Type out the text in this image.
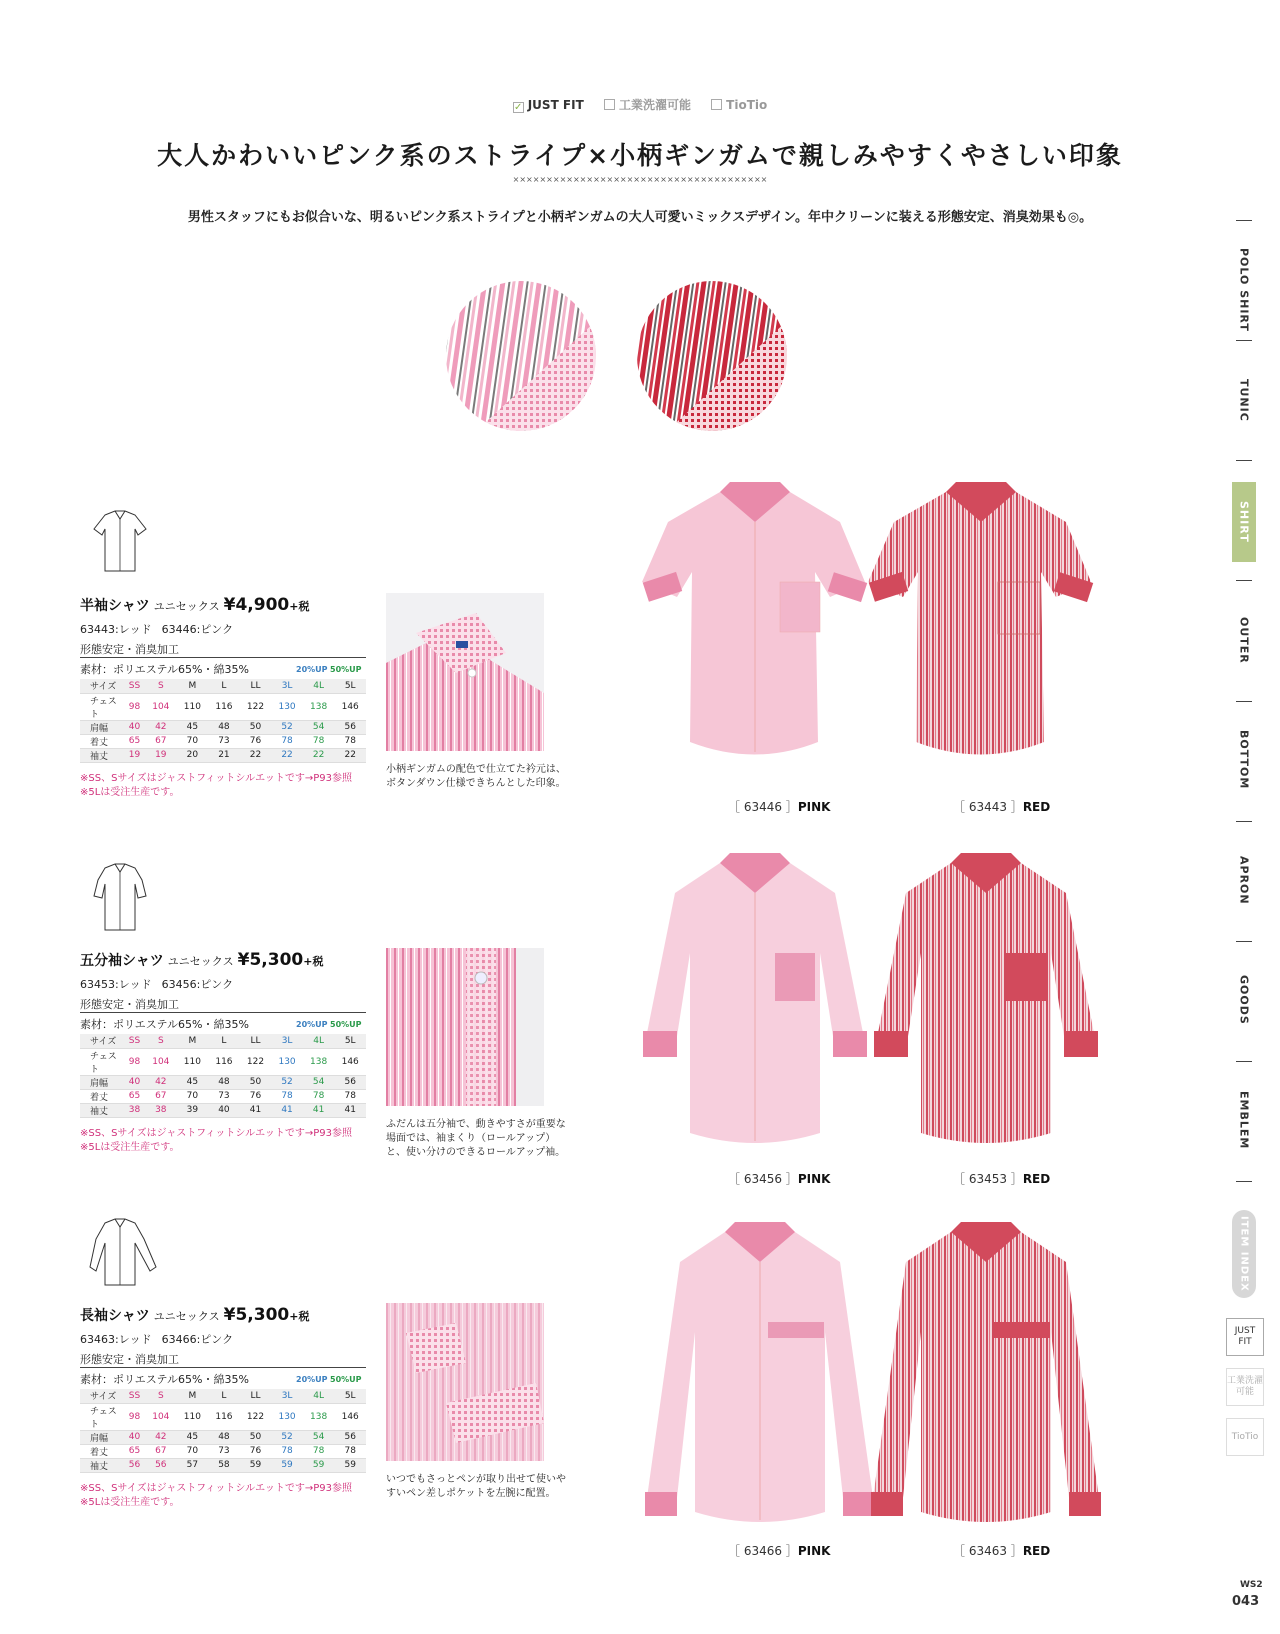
✓ JUST FIT	工業洗濯可能	TioTio
大人かわいいピンク系のストライプ×小柄ギンガムで親しみやすくやさしい印象
××××××××××××××××××××××××××××××××××××××

男性スタッフにもお似合いな、明るいピンク系ストライプと小柄ギンガムの大人可愛いミックスデザイン。年中クリーンに装える形態安定、消臭効果も◎。

POLO SHIRT
TUNIC
SHIRT
OUTER
BOTTOM
APRON
GOODS
EMBLEM
ITEM INDEX
JUST FIT
工業洗濯可能
TioTio
WS2
043
半袖シャツ ユニセックス ¥4,900+税
63443:レッド 63446:ピンク
形態安定・消臭加工
素材：ポリエステル65%・綿35%	20%UP 50%UP
サイズ	SS	S	M	L	LL	3L	4L	5L
チェスト	98	104	110	116	122	130	138	146
肩幅	40	42	45	48	50	52	54	56
着丈	65	67	70	73	76	78	78	78
袖丈	19	19	20	21	22	22	22	22
※SS、Sサイズはジャストフィットシルエットです→P93参照
※5Lは受注生産です。
小柄ギンガムの配色で仕立てた衿元は、ボタンダウン仕様できちんとした印象。
五分袖シャツ ユニセックス ¥5,300+税
63453:レッド 63456:ピンク
形態安定・消臭加工
素材：ポリエステル65%・綿35%	20%UP 50%UP
サイズ	SS	S	M	L	LL	3L	4L	5L
チェスト	98	104	110	116	122	130	138	146
肩幅	40	42	45	48	50	52	54	56
着丈	65	67	70	73	76	78	78	78
袖丈	38	38	39	40	41	41	41	41
※SS、Sサイズはジャストフィットシルエットです→P93参照
※5Lは受注生産です。
ふだんは五分袖で、動きやすさが重要な場面では、袖まくり（ロールアップ）と、使い分けのできるロールアップ袖。
長袖シャツ ユニセックス ¥5,300+税
63463:レッド 63466:ピンク
形態安定・消臭加工
素材：ポリエステル65%・綿35%	20%UP 50%UP
サイズ	SS	S	M	L	LL	3L	4L	5L
チェスト	98	104	110	116	122	130	138	146
肩幅	40	42	45	48	50	52	54	56
着丈	65	67	70	73	76	78	78	78
袖丈	56	56	57	58	59	59	59	59
※SS、Sサイズはジャストフィットシルエットです→P93参照
※5Lは受注生産です。
いつでもさっとペンが取り出せて使いやすいペン差しポケットを左腕に配置。
［ 63446 ］PINK	［ 63443 ］RED
［ 63456 ］PINK	［ 63453 ］RED
［ 63466 ］PINK	［ 63463 ］RED
